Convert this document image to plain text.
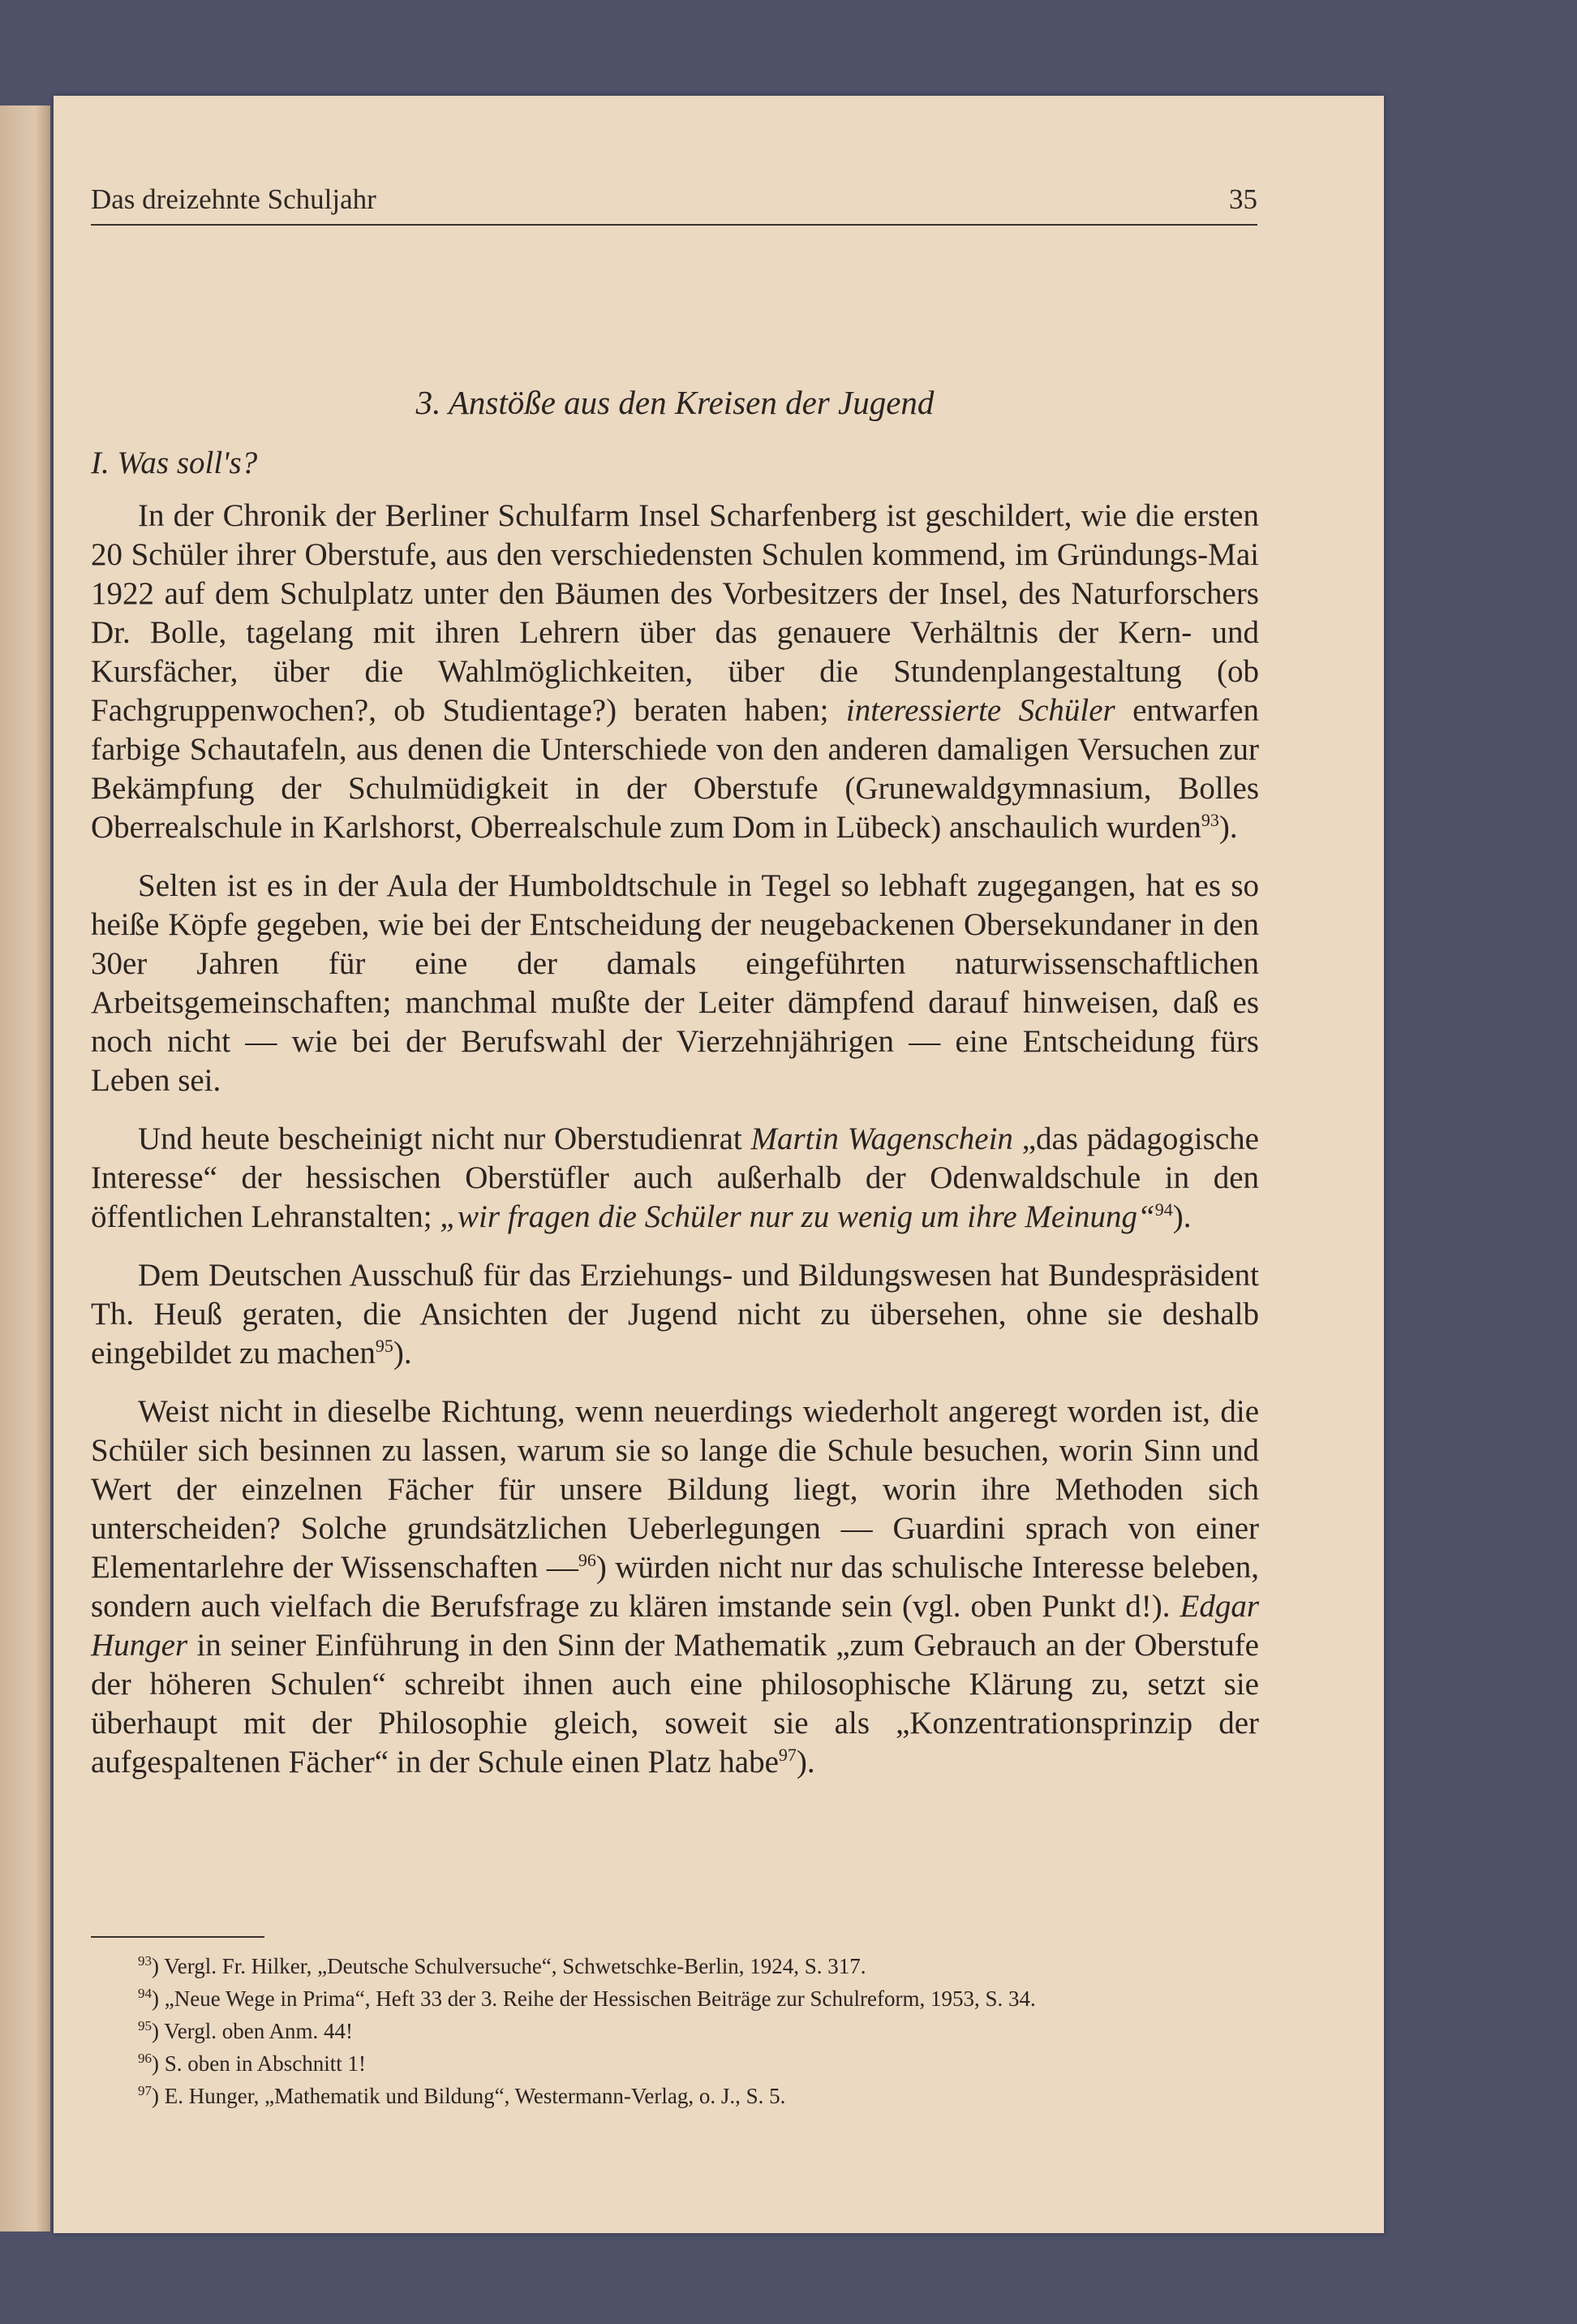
Das dreizehnte Schuljahr	35
3. Anstöße aus den Kreisen der Jugend
I. Was soll's?

In der Chronik der Berliner Schulfarm Insel Scharfenberg ist geschildert, wie die ersten 20 Schüler ihrer Oberstufe, aus den verschiedensten Schulen kommend, im Gründungs-Mai 1922 auf dem Schulplatz unter den Bäumen des Vorbesitzers der Insel, des Naturforschers Dr. Bolle, tagelang mit ihren Lehrern über das genauere Verhältnis der Kern- und Kursfächer, über die Wahlmöglichkeiten, über die Stundenplangestaltung (ob Fachgruppenwochen?, ob Studientage?) beraten haben; interessierte Schüler entwarfen farbige Schautafeln, aus denen die Unterschiede von den anderen damaligen Versuchen zur Bekämpfung der Schulmüdigkeit in der Oberstufe (Grunewaldgymnasium, Bolles Oberrealschule in Karlshorst, Oberrealschule zum Dom in Lübeck) anschaulich wurden$^{93}$).

Selten ist es in der Aula der Humboldtschule in Tegel so lebhaft zugegangen, hat es so heiße Köpfe gegeben, wie bei der Entscheidung der neugebackenen Obersekundaner in den 30er Jahren für eine der damals eingeführten naturwissenschaftlichen Arbeitsgemeinschaften; manchmal mußte der Leiter dämpfend darauf hinweisen, daß es noch nicht — wie bei der Berufswahl der Vierzehnjährigen — eine Entscheidung fürs Leben sei.

Und heute bescheinigt nicht nur Oberstudienrat Martin Wagenschein „das pädagogische Interesse“ der hessischen Oberstüfler auch außerhalb der Odenwaldschule in den öffentlichen Lehranstalten; „wir fragen die Schüler nur zu wenig um ihre Meinung“$^{94}$).

Dem Deutschen Ausschuß für das Erziehungs- und Bildungswesen hat Bundespräsident Th. Heuß geraten, die Ansichten der Jugend nicht zu übersehen, ohne sie deshalb eingebildet zu machen$^{95}$).

Weist nicht in dieselbe Richtung, wenn neuerdings wiederholt angeregt worden ist, die Schüler sich besinnen zu lassen, warum sie so lange die Schule besuchen, worin Sinn und Wert der einzelnen Fächer für unsere Bildung liegt, worin ihre Methoden sich unterscheiden? Solche grundsätzlichen Ueberlegungen — Guardini sprach von einer Elementarlehre der Wissenschaften —$^{96}$) würden nicht nur das schulische Interesse beleben, sondern auch vielfach die Berufsfrage zu klären imstande sein (vgl. oben Punkt d!). Edgar Hunger in seiner Einführung in den Sinn der Mathematik „zum Gebrauch an der Oberstufe der höheren Schulen“ schreibt ihnen auch eine philosophische Klärung zu, setzt sie überhaupt mit der Philosophie gleich, soweit sie als „Konzentrationsprinzip der aufgespaltenen Fächer“ in der Schule einen Platz habe$^{97}$).

$^{93}$) Vergl. Fr. Hilker, „Deutsche Schulversuche“, Schwetschke-Berlin, 1924, S. 317.
$^{94}$) „Neue Wege in Prima“, Heft 33 der 3. Reihe der Hessischen Beiträge zur Schulreform, 1953, S. 34.
$^{95}$) Vergl. oben Anm. 44!
$^{96}$) S. oben in Abschnitt 1!
$^{97}$) E. Hunger, „Mathematik und Bildung“, Westermann-Verlag, o. J., S. 5.
